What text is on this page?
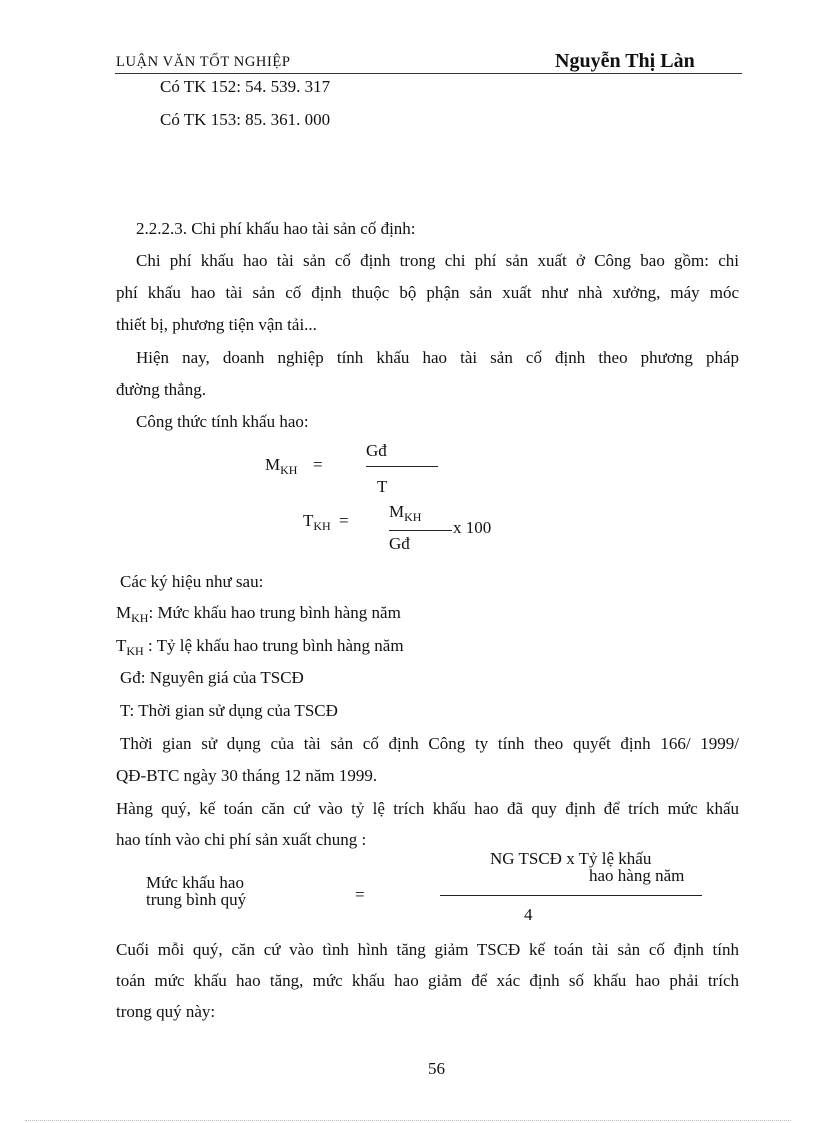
LUẬN VĂN TỐT NGHIỆP	Nguyễn Thị Làn
Có TK 152: 54. 539. 317
Có TK 153: 85. 361. 000
2.2.2.3. Chi phí khấu hao tài sản cố định:
Chi phí khấu hao tài sản cố định trong chi phí sản xuất ở Công bao gồm: chi
phí khấu hao tài sản cố định thuộc bộ phận sản xuất như nhà xưởng, máy móc
thiết bị, phương tiện vận tải...
Hiện nay, doanh nghiệp tính khấu hao tài sản cố định theo phương pháp
đường thẳng.
Công thức tính khấu hao:
$M_{KH}$ =
Gđ
T
$T_{KH} = M_{KH}$
x 100
Gđ
Các ký hiệu như sau:
$M_{KH}$: Mức khấu hao trung bình hàng năm
$T_{KH}$ : Tỷ lệ khấu hao trung bình hàng năm
Gđ: Nguyên giá của TSCĐ
T: Thời gian sử dụng của TSCĐ
Thời gian sử dụng của tài sản cố định Công ty tính theo quyết định 166/ 1999/
QĐ-BTC ngày 30 tháng 12 năm 1999.
Hàng quý, kế toán căn cứ vào tỷ lệ trích khấu hao đã quy định để trích mức khấu
hao tính vào chi phí sản xuất chung :
Mức khấu hao
trung bình quý	=
NG TSCĐ x Tỷ lệ khấu
hao hàng năm
4
Cuối mỗi quý, căn cứ vào tình hình tăng giảm TSCĐ kế toán tài sản cố định tính
toán mức khấu hao tăng, mức khấu hao giảm để xác định số khấu hao phải trích
trong quý này:
56
